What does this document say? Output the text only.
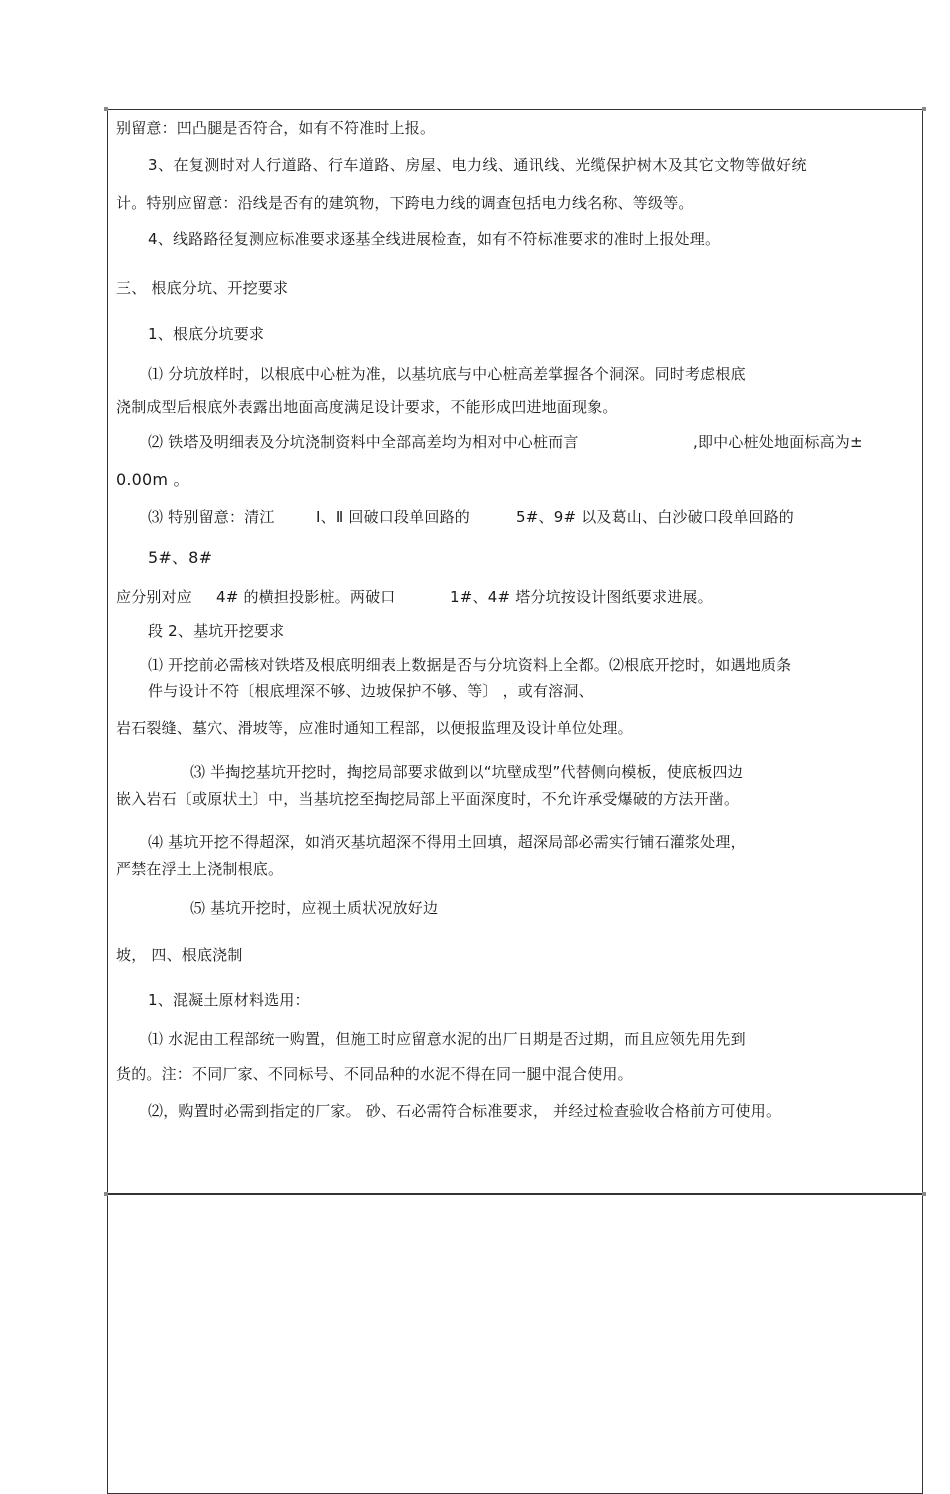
别留意：凹凸腿是否符合，如有不符准时上报。
3、在复测时对人行道路、行车道路、房屋、电力线、通讯线、光缆保护树木及其它文物等做好统
计。特别应留意：沿线是否有的建筑物，下跨电力线的调查包括电力线名称、等级等。
4、线路路径复测应标准要求逐基全线进展检查，如有不符标准要求的准时上报处理。
三、 根底分坑、开挖要求
1、根底分坑要求
⑴ 分坑放样时，以根底中心桩为准，以基坑底与中心桩高差掌握各个洞深。同时考虑根底
浇制成型后根底外表露出地面高度满足设计要求，不能形成凹进地面现象。
⑵ 铁塔及明细表及分坑浇制资料中全部高差均为相对中心桩而言	,即中心桩处地面标高为±
0.00m 。
⑶ 特别留意：清江	Ⅰ、Ⅱ 回破口段单回路的	5#、9# 以及葛山、白沙破口段单回路的
5#、8#
应分别对应 4# 的横担投影桩。两破口	1#、4# 塔分坑按设计图纸要求进展。
段 2、基坑开挖要求
⑴ 开挖前必需核对铁塔及根底明细表上数据是否与分坑资料上全都。⑵根底开挖时，如遇地质条
件与设计不符〔根底埋深不够、边坡保护不够、等〕 ，或有溶洞、
岩石裂缝、墓穴、滑坡等，应准时通知工程部，以便报监理及设计单位处理。
⑶ 半掏挖基坑开挖时，掏挖局部要求做到以“坑壁成型”代替侧向模板，使底板四边
嵌入岩石〔或原状土〕中，当基坑挖至掏挖局部上平面深度时，不允许承受爆破的方法开凿。
⑷ 基坑开挖不得超深，如消灭基坑超深不得用土回填，超深局部必需实行铺石灌浆处理，
严禁在浮土上浇制根底。
⑸ 基坑开挖时，应视土质状况放好边
坡， 四、根底浇制
1、混凝土原材料选用：
⑴ 水泥由工程部统一购置，但施工时应留意水泥的出厂日期是否过期，而且应领先用先到
货的。注：不同厂家、不同标号、不同品种的水泥不得在同一腿中混合使用。
⑵，购置时必需到指定的厂家。 砂、石必需符合标准要求， 并经过检查验收合格前方可使用。
